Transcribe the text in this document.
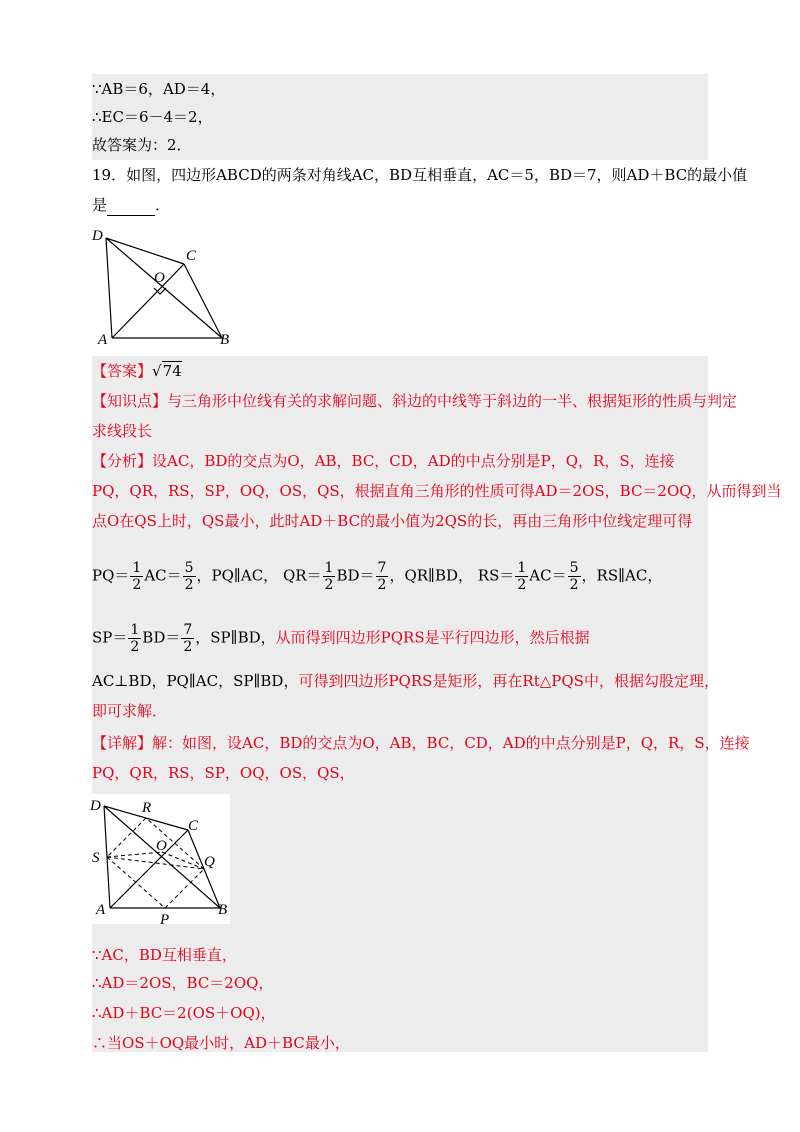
∵AB＝6，AD＝4，
∴EC＝6－4＝2，
故答案为：2．
19．如图，四边形ABCD的两条对角线AC，BD互相垂直，AC＝5，BD＝7，则AD＋BC的最小值
是	．
D
C
O
A	B
【答案】√74
【知识点】与三角形中位线有关的求解问题、斜边的中线等于斜边的一半、根据矩形的性质与判定
求线段长
【分析】设AC，BD的交点为O，AB，BC，CD，AD的中点分别是P，Q，R，S，连接
PQ，QR，RS，SP，OQ，OS，QS，根据直角三角形的性质可得AD＝2OS，BC＝2OQ，从而得到当
点O在QS上时，QS最小，此时AD＋BC的最小值为2QS的长，再由三角形中位线定理可得
$PQ= \frac{1}{2} AC= \frac{5}{2}$ ，PQ∥AC， $QR= \frac{1}{2} BD= \frac{7}{2}$ ，QR∥BD， $RS= \frac{1}{2} AC= \frac{5}{2}$ ，RS∥AC，
$SP= \frac{1}{2} BD= \frac{7}{2}$ ，SP∥BD，从而得到四边形PQRS是平行四边形，然后根据
AC⊥BD，PQ∥AC，SP∥BD，可得到四边形PQRS是矩形，再在Rt△PQS中，根据勾股定理，
即可求解．
【详解】解：如图，设AC，BD的交点为O，AB，BC，CD，AD的中点分别是P，Q，R，S，连接
PQ，QR，RS，SP，OQ，OS，QS，
D	R
C
S
O
Q
A
P
B
∵AC，BD互相垂直，
∴AD＝2OS，BC＝2OQ，
∴AD＋BC＝2(OS＋OQ)，
∴当OS＋OQ最小时，AD＋BC最小，
